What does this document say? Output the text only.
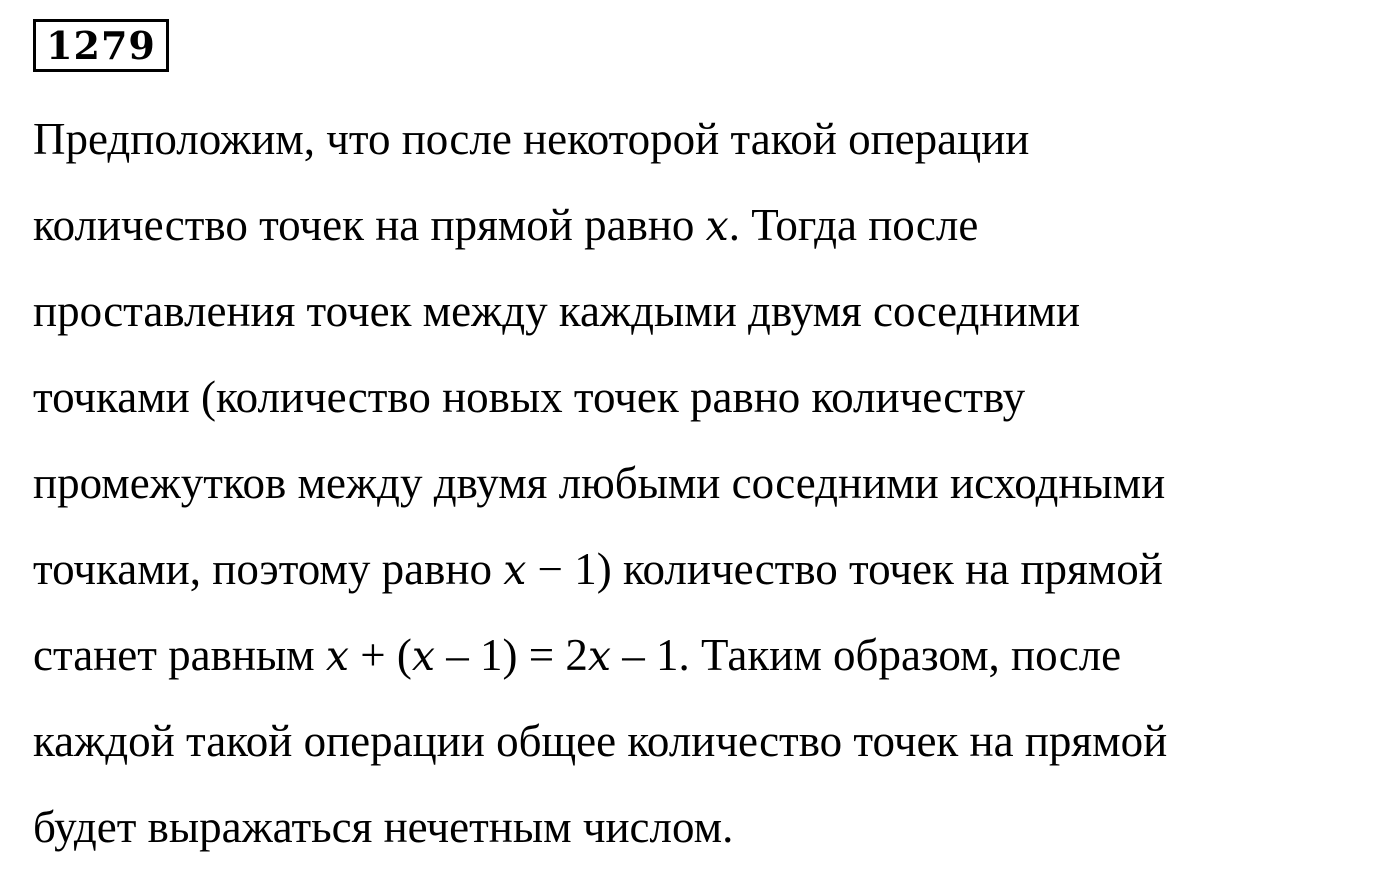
1279
Предположим, что после некоторой такой операции
количество точек на прямой равно x. Тогда после
проставления точек между каждыми двумя соседними
точками (количество новых точек равно количеству
промежутков между двумя любыми соседними исходными
точками, поэтому равно x − 1) количество точек на прямой
станет равным x + (x – 1) = 2x – 1. Таким образом, после
каждой такой операции общее количество точек на прямой
будет выражаться нечетным числом.
